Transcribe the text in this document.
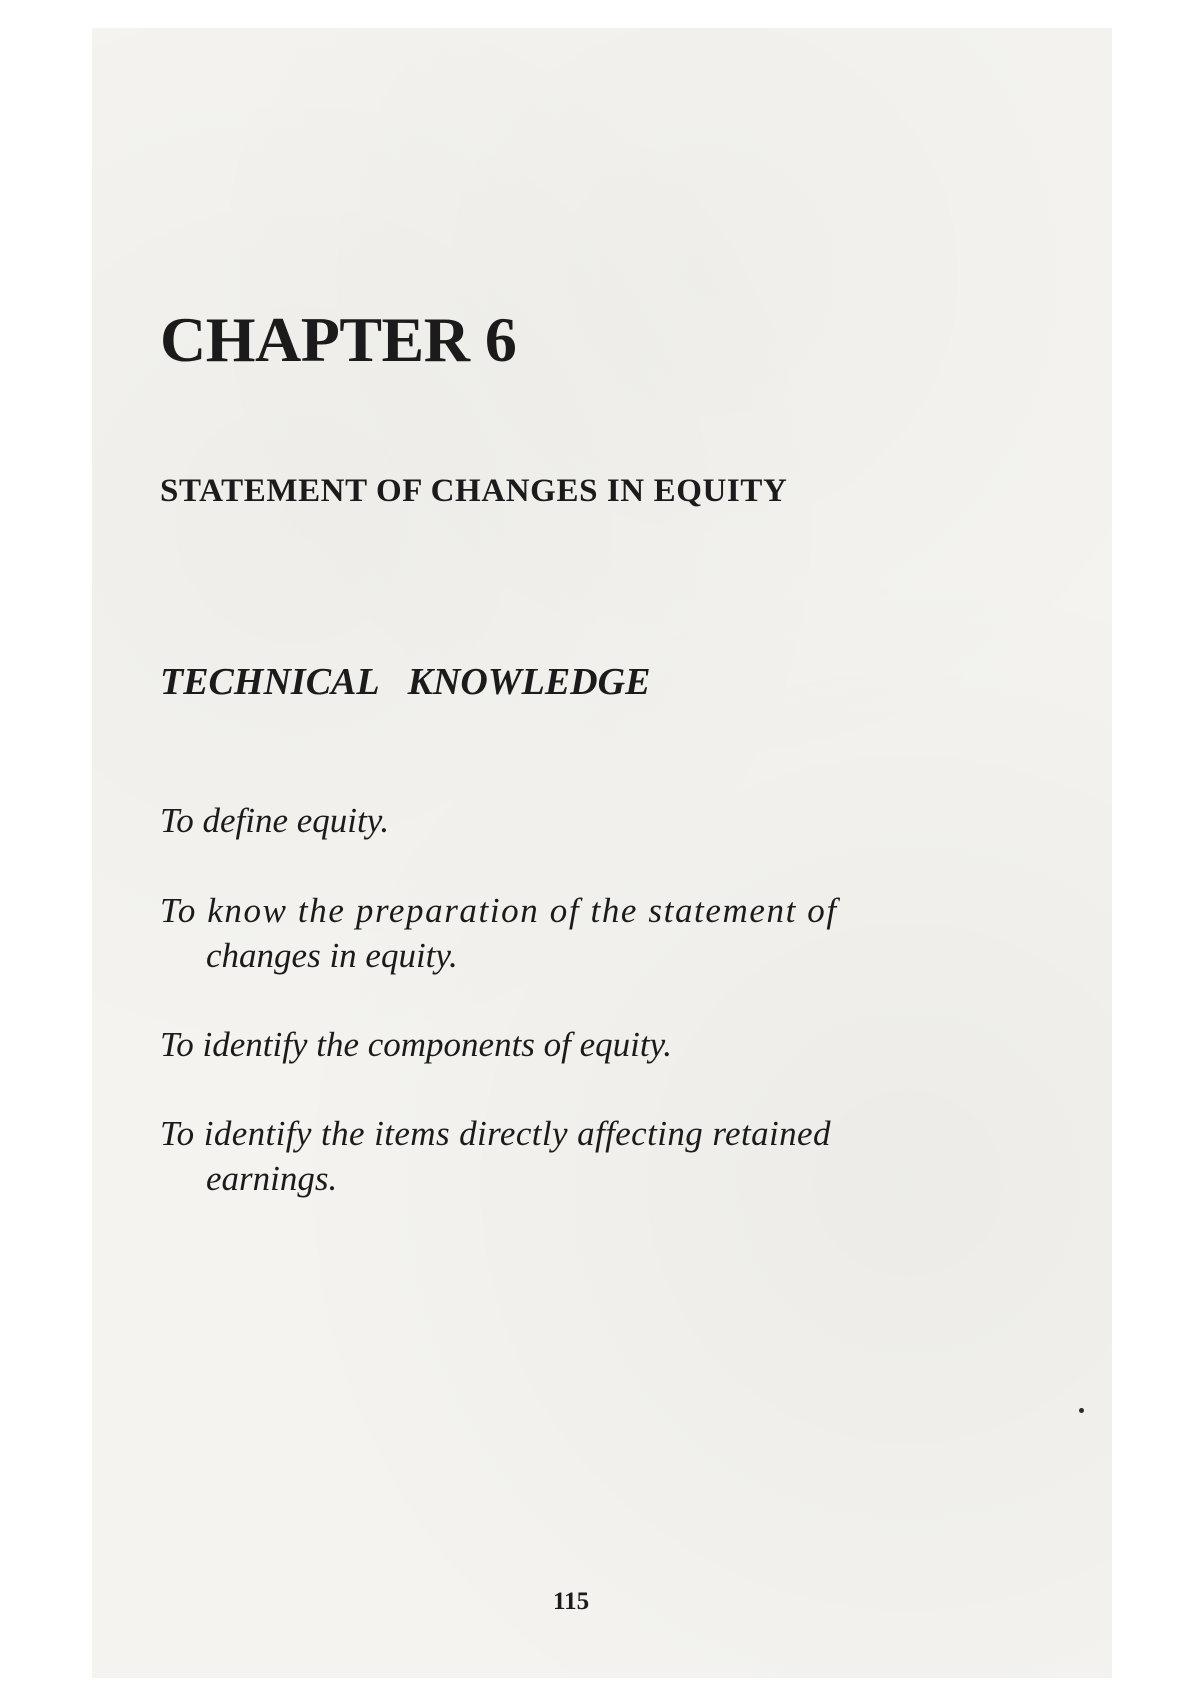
CHAPTER 6
STATEMENT OF CHANGES IN EQUITY
TECHNICAL KNOWLEDGE

To define equity.

To know the preparation of the statement of

changes in equity.

To identify the components of equity.

To identify the items directly affecting retained

earnings.

115
